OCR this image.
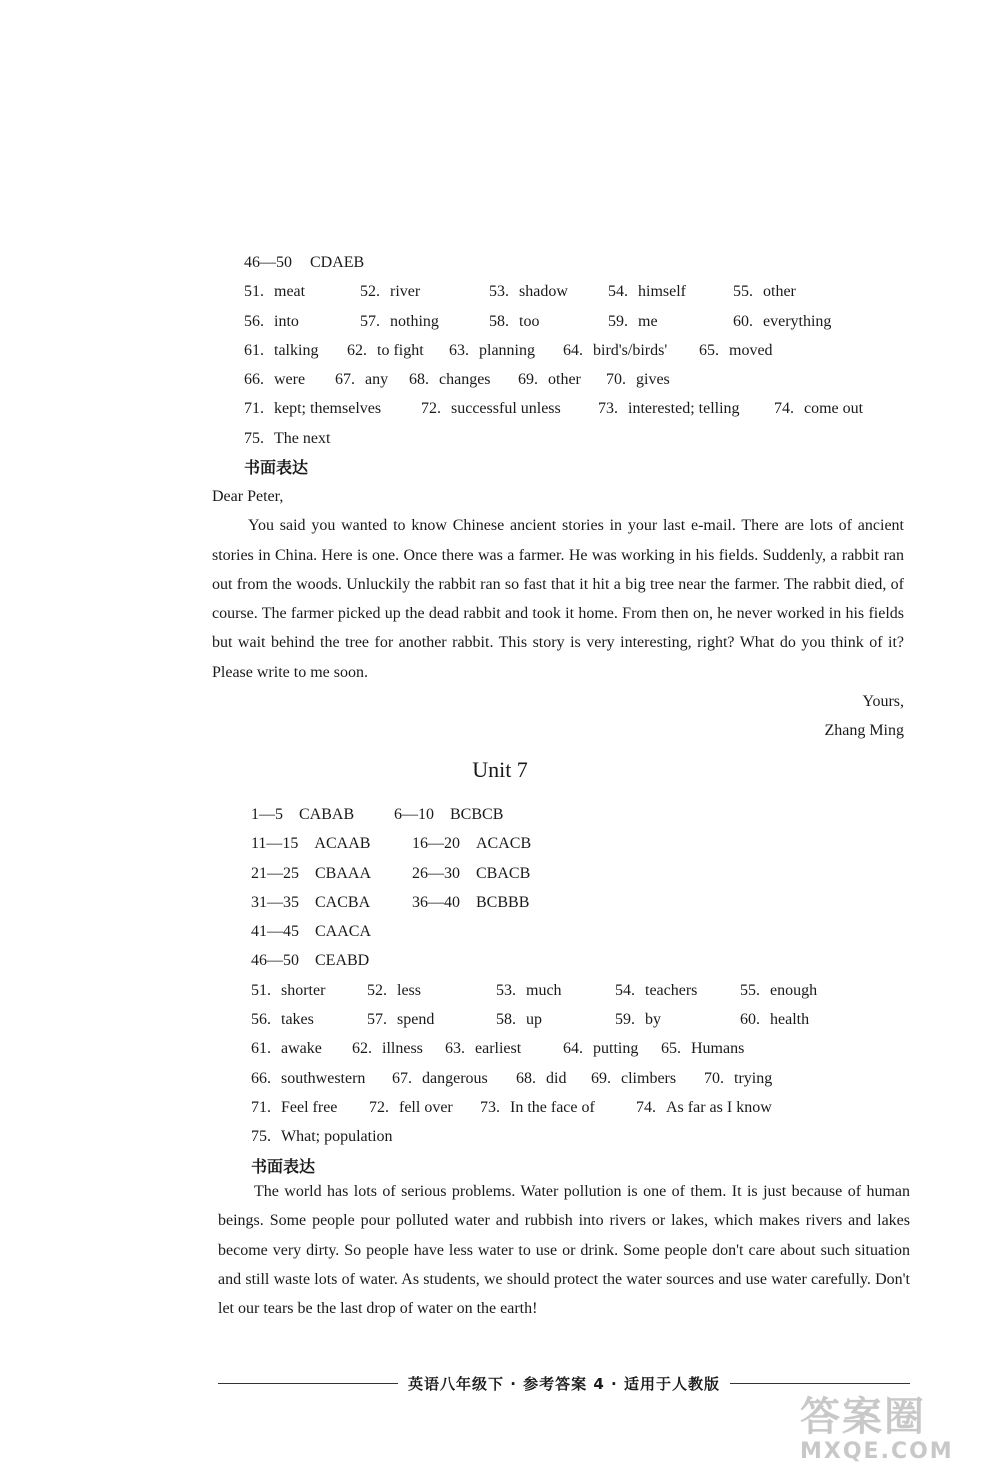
46—50 CDAEB
51. meat	52. river	53. shadow	54. himself	55. other
56. into	57. nothing	58. too	59. me	60. everything
61. talking 62. to fight 63. planning 64. bird's/birds' 65. moved
66. were 67. any 68. changes 69. other 70. gives
71. kept; themselves 72. successful unless 73. interested; telling 74. come out
75. The next
书面表达
Dear Peter,

You said you wanted to know Chinese ancient stories in your last e-mail. There are lots of ancient stories in China. Here is one. Once there was a farmer. He was working in his fields. Suddenly, a rabbit ran out from the woods. Unluckily the rabbit ran so fast that it hit a big tree near the farmer. The rabbit died, of course. The farmer picked up the dead rabbit and took it home. From then on, he never worked in his fields but wait behind the tree for another rabbit. This story is very interesting, right? What do you think of it? Please write to me soon.

Yours,
Zhang Ming
Unit 7
1—5 CABAB 6—10 BCBCB
11—15 ACAAB	16—20 ACACB
21—25 CBAAA	26—30 CBACB
31—35 CACBA	36—40 BCBBB
41—45 CAACA
46—50 CEABD
51. shorter	52. less	53. much	54. teachers	55. enough
56. takes	57. spend	58. up	59. by	60. health
61. awake 62. illness 63. earliest	64. putting 65. Humans
66. southwestern 67. dangerous 68. did 69. climbers 70. trying
71. Feel free 72. fell over 73. In the face of	74. As far as I know
75. What; population
书面表达

The world has lots of serious problems. Water pollution is one of them. It is just because of human beings. Some people pour polluted water and rubbish into rivers or lakes, which makes rivers and lakes become very dirty. So people have less water to use or drink. Some people don't care about such situation and still waste lots of water. As students, we should protect the water sources and use water carefully. Don't let our tears be the last drop of water on the earth!

英语八年级下 · 参考答案 4 · 适用于人教版
答案圈
MXQE.COM
